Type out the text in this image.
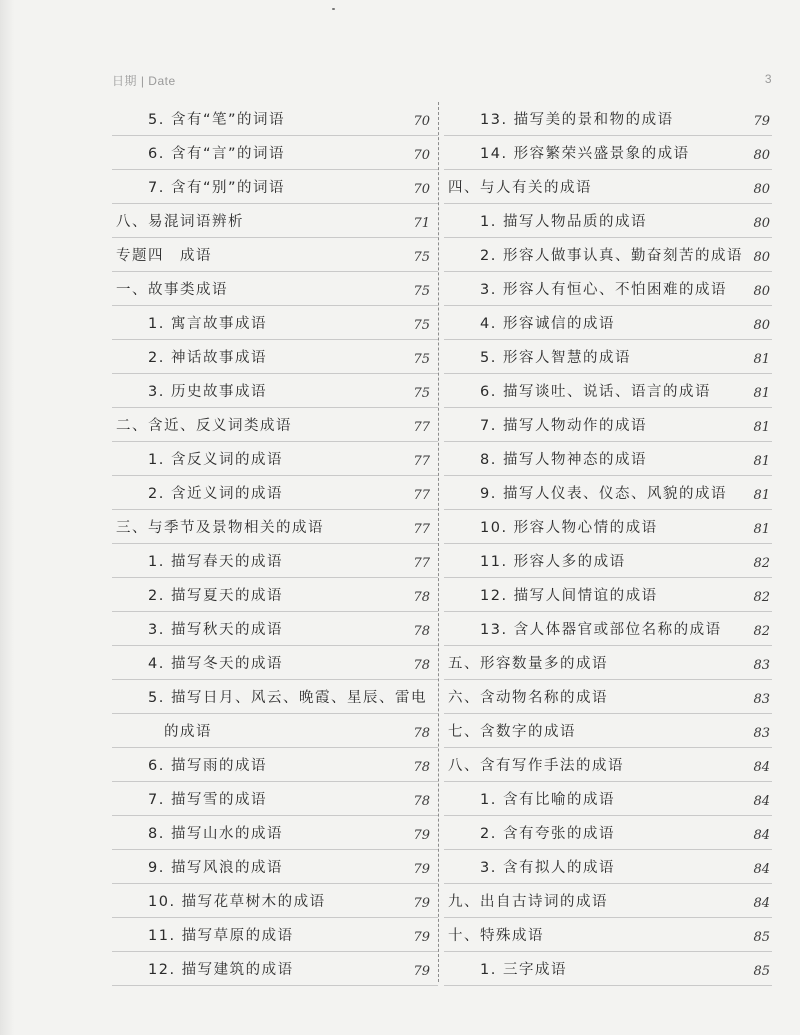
日期 | Date	3
5. 含有“笔”的词语	70
6. 含有“言”的词语	70
7. 含有“别”的词语	70
八、易混词语辨析	71
专题四　成语	75
一、故事类成语	75
1. 寓言故事成语	75
2. 神话故事成语	75
3. 历史故事成语	75
二、含近、反义词类成语	77
1. 含反义词的成语	77
2. 含近义词的成语	77
三、与季节及景物相关的成语	77
1. 描写春天的成语	77
2. 描写夏天的成语	78
3. 描写秋天的成语	78
4. 描写冬天的成语	78
5. 描写日月、风云、晚霞、星辰、雷电
的成语	78
6. 描写雨的成语	78
7. 描写雪的成语	78
8. 描写山水的成语	79
9. 描写风浪的成语	79
10. 描写花草树木的成语	79
11. 描写草原的成语	79
12. 描写建筑的成语	79
13. 描写美的景和物的成语	79
14. 形容繁荣兴盛景象的成语	80
四、与人有关的成语	80
1. 描写人物品质的成语	80
2. 形容人做事认真、勤奋刻苦的成语 80
3. 形容人有恒心、不怕困难的成语 80
4. 形容诚信的成语	80
5. 形容人智慧的成语	81
6. 描写谈吐、说话、语言的成语	81
7. 描写人物动作的成语	81
8. 描写人物神态的成语	81
9. 描写人仪表、仪态、风貌的成语 81
10. 形容人物心情的成语	81
11. 形容人多的成语	82
12. 描写人间情谊的成语	82
13. 含人体器官或部位名称的成语 82
五、形容数量多的成语	83
六、含动物名称的成语	83
七、含数字的成语	83
八、含有写作手法的成语	84
1. 含有比喻的成语	84
2. 含有夸张的成语	84
3. 含有拟人的成语	84
九、出自古诗词的成语	84
十、特殊成语	85
1. 三字成语	85
